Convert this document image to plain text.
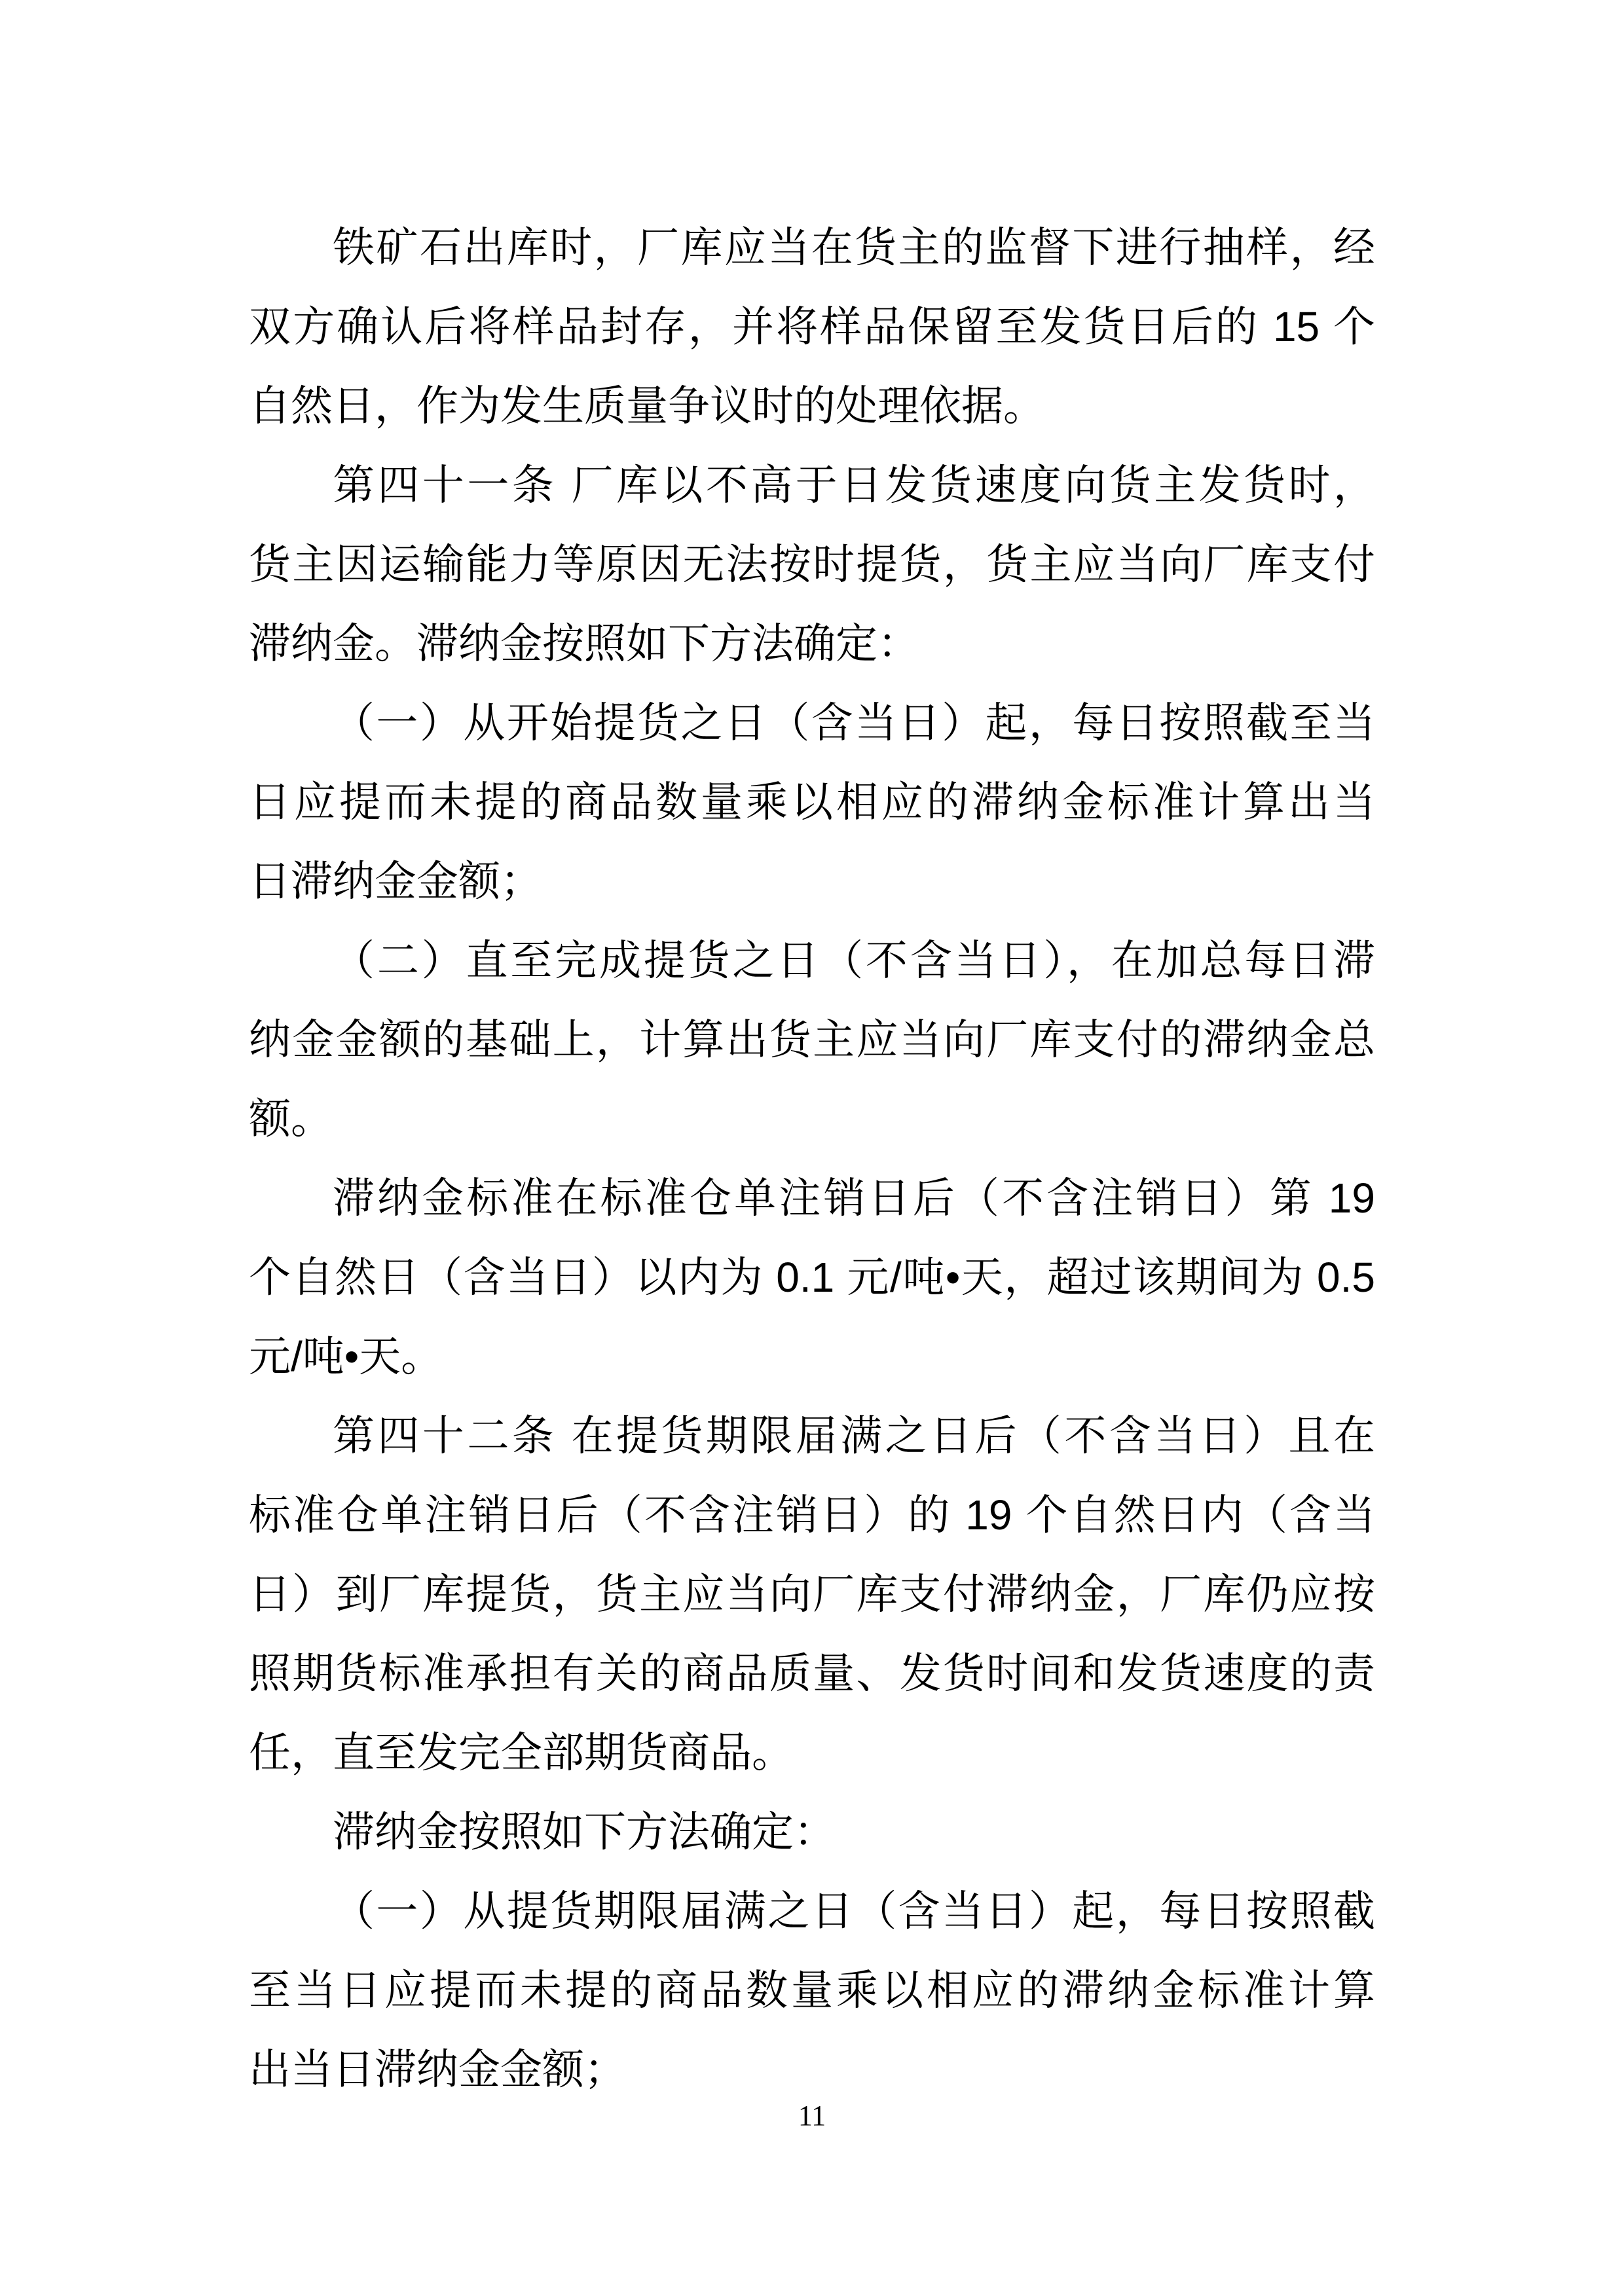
铁矿石出库时，厂库应当在货主的监督下进行抽样，经
双方确认后将样品封存，并将样品保留至发货日后的 15 个
自然日，作为发生质量争议时的处理依据。
第四十一条 厂库以不高于日发货速度向货主发货时，
货主因运输能力等原因无法按时提货，货主应当向厂库支付
滞纳金。滞纳金按照如下方法确定：
（一）从开始提货之日（含当日）起，每日按照截至当
日应提而未提的商品数量乘以相应的滞纳金标准计算出当
日滞纳金金额；
（二）直至完成提货之日（不含当日），在加总每日滞
纳金金额的基础上，计算出货主应当向厂库支付的滞纳金总
额。
滞纳金标准在标准仓单注销日后（不含注销日）第 19
个自然日（含当日）以内为 0.1 元/吨•天，超过该期间为 0.5
元/吨•天。
第四十二条 在提货期限届满之日后（不含当日）且在
标准仓单注销日后（不含注销日）的 19 个自然日内（含当
日）到厂库提货，货主应当向厂库支付滞纳金，厂库仍应按
照期货标准承担有关的商品质量、发货时间和发货速度的责
任，直至发完全部期货商品。
滞纳金按照如下方法确定：
（一）从提货期限届满之日（含当日）起，每日按照截
至当日应提而未提的商品数量乘以相应的滞纳金标准计算
出当日滞纳金金额；
11
